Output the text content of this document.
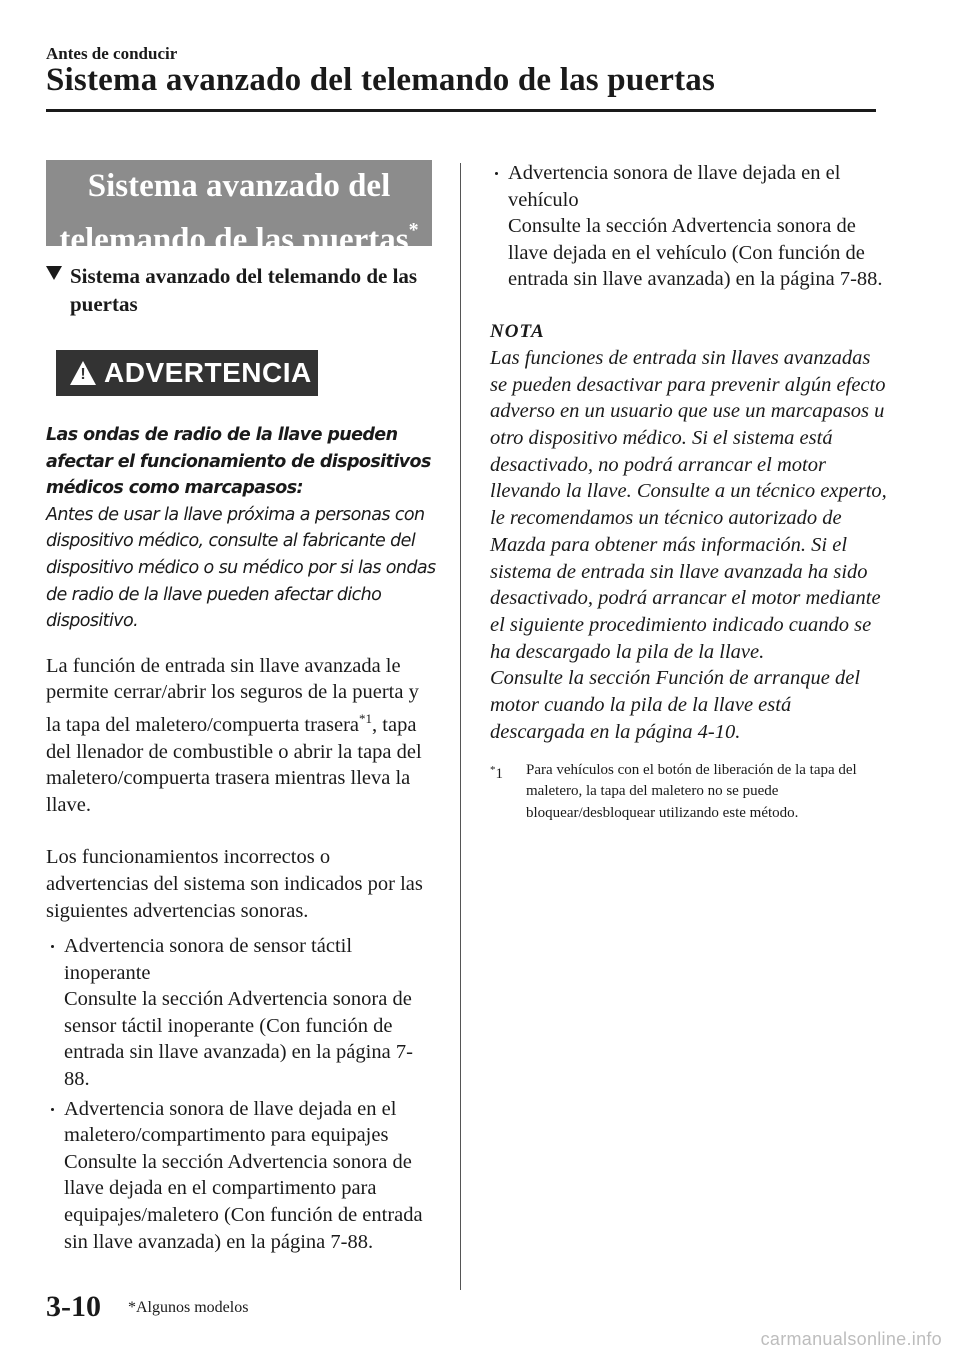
Antes de conducir
Sistema avanzado del telemando de las puertas
Sistema avanzado del
telemando de las puertas*
Sistema avanzado del telemando de las puertas
! ADVERTENCIA
Las ondas de radio de la llave pueden afectar el funcionamiento de dispositivos médicos como marcapasos:
Antes de usar la llave próxima a personas con dispositivo médico, consulte al fabricante del dispositivo médico o su médico por si las ondas de radio de la llave pueden afectar dicho dispositivo.

La función de entrada sin llave avanzada le permite cerrar/abrir los seguros de la puerta y la tapa del maletero/compuerta trasera$^{*1}$, tapa del llenador de combustible o abrir la tapa del maletero/compuerta trasera mientras lleva la llave.

Los funcionamientos incorrectos o advertencias del sistema son indicados por las siguientes advertencias sonoras.

Advertencia sonora de sensor táctil inoperante
Consulte la sección Advertencia sonora de sensor táctil inoperante (Con función de entrada sin llave avanzada) en la página 7-88.
Advertencia sonora de llave dejada en el maletero/compartimento para equipajes
Consulte la sección Advertencia sonora de llave dejada en el compartimento para equipajes/maletero (Con función de entrada sin llave avanzada) en la página 7-88.
Advertencia sonora de llave dejada en el vehículo
Consulte la sección Advertencia sonora de llave dejada en el vehículo (Con función de entrada sin llave avanzada) en la página 7-88.
NOTA
Las funciones de entrada sin llaves avanzadas se pueden desactivar para prevenir algún efecto adverso en un usuario que use un marcapasos u otro dispositivo médico. Si el sistema está desactivado, no podrá arrancar el motor llevando la llave. Consulte a un técnico experto, le recomendamos un técnico autorizado de Mazda para obtener más información. Si el sistema de entrada sin llave avanzada ha sido desactivado, podrá arrancar el motor mediante el siguiente procedimiento indicado cuando se ha descargado la pila de la llave.
Consulte la sección Función de arranque del motor cuando la pila de la llave está descargada en la página 4-10.
*1 Para vehículos con el botón de liberación de la tapa del maletero, la tapa del maletero no se puede bloquear/desbloquear utilizando este método.
3-10 *Algunos modelos
carmanualsonline.info
